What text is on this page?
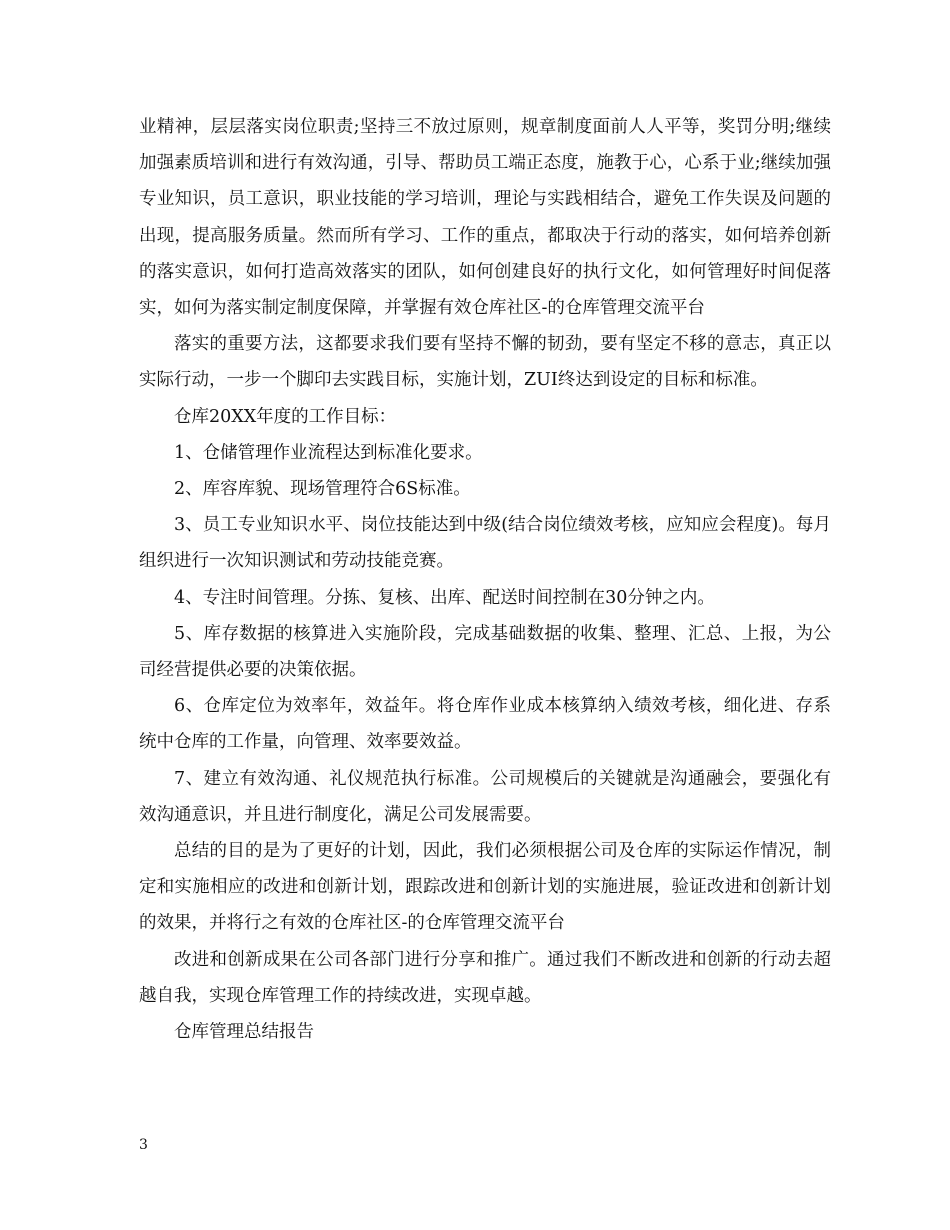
业精神，层层落实岗位职责;坚持三不放过原则，规章制度面前人人平等，奖罚分明;继续加强素质培训和进行有效沟通，引导、帮助员工端正态度，施教于心，心系于业;继续加强专业知识，员工意识，职业技能的学习培训，理论与实践相结合，避免工作失误及问题的出现，提高服务质量。然而所有学习、工作的重点，都取决于行动的落实，如何培养创新的落实意识，如何打造高效落实的团队，如何创建良好的执行文化，如何管理好时间促落实，如何为落实制定制度保障，并掌握有效仓库社区-的仓库管理交流平台

落实的重要方法，这都要求我们要有坚持不懈的韧劲，要有坚定不移的意志，真正以实际行动，一步一个脚印去实践目标，实施计划，ZUI终达到设定的目标和标准。

仓库20XX年度的工作目标：

1、仓储管理作业流程达到标准化要求。

2、库容库貌、现场管理符合6S标准。

3、员工专业知识水平、岗位技能达到中级(结合岗位绩效考核，应知应会程度)。每月组织进行一次知识测试和劳动技能竞赛。

4、专注时间管理。分拣、复核、出库、配送时间控制在30分钟之内。

5、库存数据的核算进入实施阶段，完成基础数据的收集、整理、汇总、上报，为公司经营提供必要的决策依据。

6、仓库定位为效率年，效益年。将仓库作业成本核算纳入绩效考核，细化进、存系统中仓库的工作量，向管理、效率要效益。

7、建立有效沟通、礼仪规范执行标准。公司规模后的关键就是沟通融会，要强化有效沟通意识，并且进行制度化，满足公司发展需要。

总结的目的是为了更好的计划，因此，我们必须根据公司及仓库的实际运作情况，制定和实施相应的改进和创新计划，跟踪改进和创新计划的实施进展，验证改进和创新计划的效果，并将行之有效的仓库社区-的仓库管理交流平台

改进和创新成果在公司各部门进行分享和推广。通过我们不断改进和创新的行动去超越自我，实现仓库管理工作的持续改进，实现卓越。

仓库管理总结报告

3
